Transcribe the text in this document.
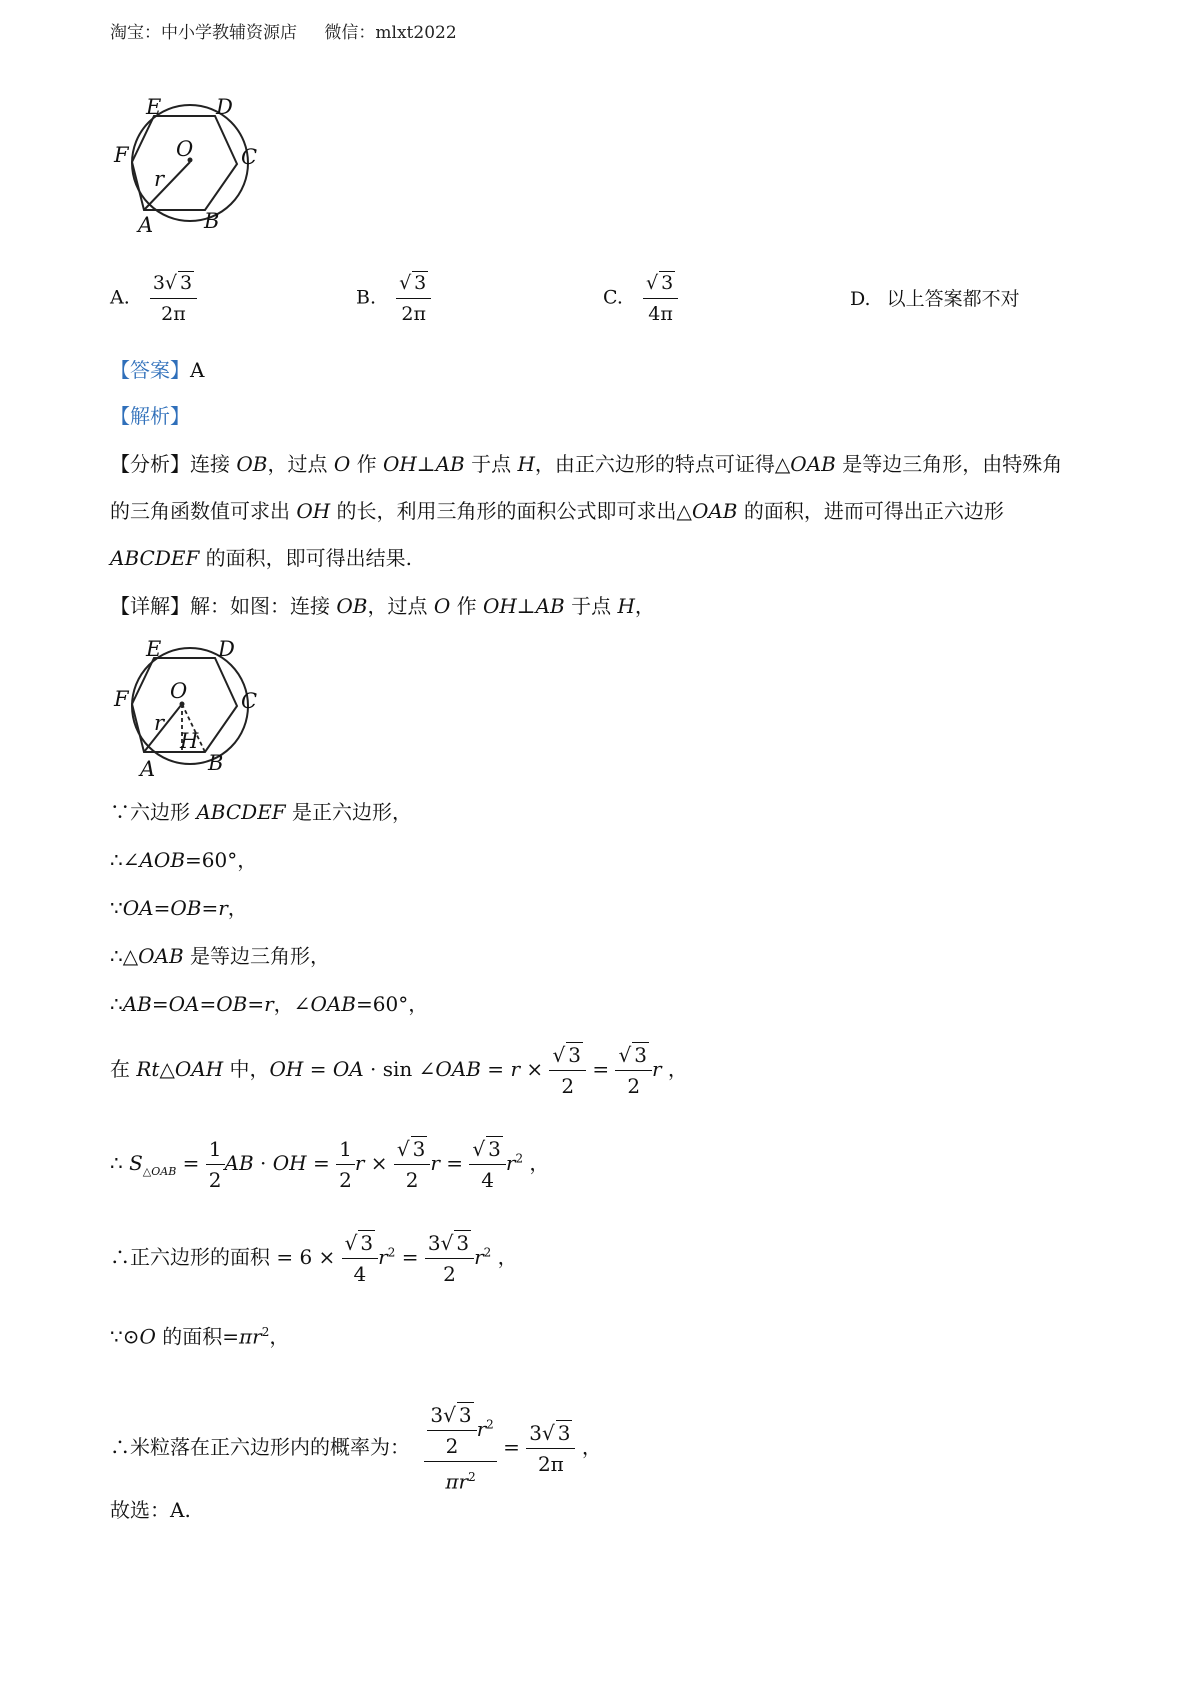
淘宝：中小学教辅资源店 微信：mlxt2022
E	D
F	C
O
r
A B
A. $\frac{3√ 3}{2\pi}$	B. $\frac{√ 3}{2\pi}$	C. $\frac{√ 3}{4\pi}$	D. 以上答案都不对
【答案】A
【解析】
【分析】连接 OB，过点 O 作 OH⊥AB 于点 H，由正六边形的特点可证得△OAB 是等边三角形，由特殊角
的三角函数值可求出 OH 的长，利用三角形的面积公式即可求出△OAB 的面积，进而可得出正六边形
ABCDEF 的面积，即可得出结果.
【详解】解：如图：连接 OB，过点 O 作 OH⊥AB 于点 H，
E	D
F	C
O
r
H
A	B
∵六边形 ABCDEF 是正六边形，
∴∠AOB=60°，
∵OA=OB=r，
∴△OAB 是等边三角形，
∴AB=OA=OB=r，∠OAB=60°，
在 Rt△OAH 中，OH = OA · sin ∠OAB = $r \times \frac{√ 3}{2} = \frac{√ 3}{2}$ r ，
∴ $S_{\triangle OAB} = \frac{1}{2}$ AB · OH = $\frac{1}{2}$ $r \times \frac{√ 3}{2}$ $r = \frac{√ 3}{4} r^2$ ，
∴正六边形的面积 = $6 \times \frac{√ 3}{4} r^2 = \frac{3√ 3}{2} r^2$ ，
∵⊙O 的面积$=\pi r^2$，
∴米粒落在正六边形内的概率为： $\frac{\frac{3√ 3}{2} r^2}{\pi r^2} = \frac{3√ 3}{2\pi}$ ，
故选：A.
